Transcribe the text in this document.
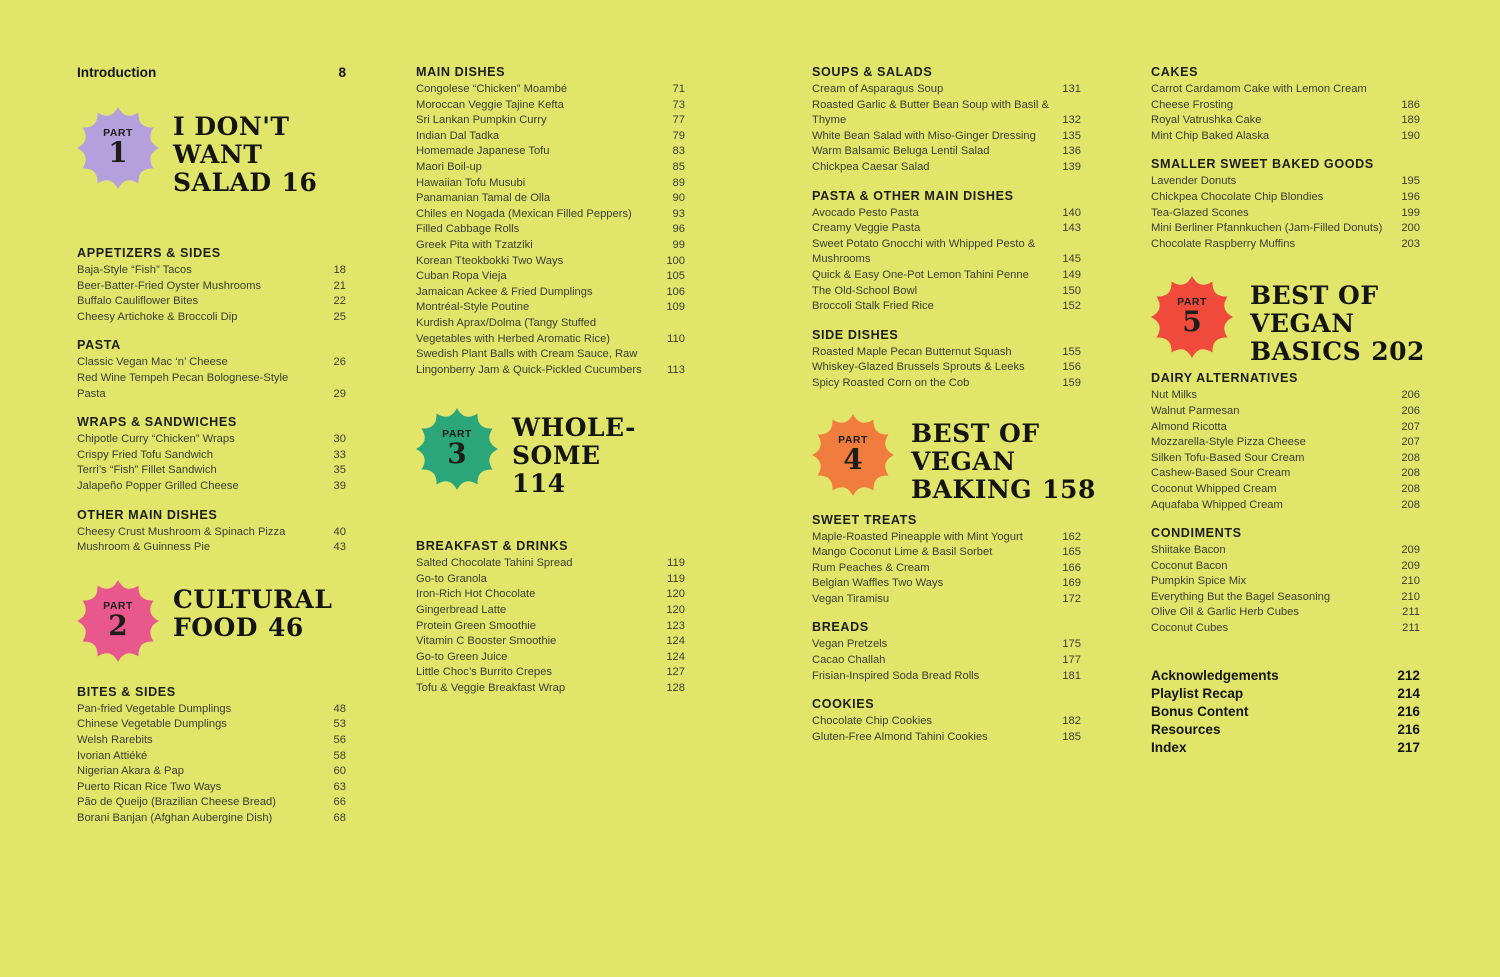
Introduction	8
PART
1
I DON'T
WANT
SALAD 16
APPETIZERS & SIDES
Baja-Style “Fish” Tacos	18
Beer-Batter-Fried Oyster Mushrooms	21
Buffalo Cauliflower Bites	22
Cheesy Artichoke & Broccoli Dip	25
PASTA
Classic Vegan Mac ‘n’ Cheese	26
Red Wine Tempeh Pecan Bolognese-Style Pasta	29
WRAPS & SANDWICHES
Chipotle Curry “Chicken” Wraps	30
Crispy Fried Tofu Sandwich	33
Terri’s “Fish” Fillet Sandwich	35
Jalapeño Popper Grilled Cheese	39
OTHER MAIN DISHES
Cheesy Crust Mushroom & Spinach Pizza	40
Mushroom & Guinness Pie	43
PART
2
CULTURAL
FOOD 46
BITES & SIDES
Pan-fried Vegetable Dumplings	48
Chinese Vegetable Dumplings	53
Welsh Rarebits	56
Ivorian Attiéké	58
Nigerian Akara & Pap	60
Puerto Rican Rice Two Ways	63
Pão de Queijo (Brazilian Cheese Bread)	66
Borani Banjan (Afghan Aubergine Dish)	68
MAIN DISHES
Congolese “Chicken” Moambé	71
Moroccan Veggie Tajine Kefta	73
Sri Lankan Pumpkin Curry	77
Indian Dal Tadka	79
Homemade Japanese Tofu	83
Maori Boil-up	85
Hawaiian Tofu Musubi	89
Panamanian Tamal de Olla	90
Chiles en Nogada (Mexican Filled Peppers)	93
Filled Cabbage Rolls	96
Greek Pita with Tzatziki	99
Korean Tteokbokki Two Ways	100
Cuban Ropa Vieja	105
Jamaican Ackee & Fried Dumplings	106
Montréal-Style Poutine	109
Kurdish Aprax/Dolma (Tangy Stuffed Vegetables with Herbed Aromatic Rice)	110
Swedish Plant Balls with Cream Sauce, Raw Lingonberry Jam & Quick-Pickled Cucumbers	113
PART
3
WHOLE-
SOME
114
BREAKFAST & DRINKS
Salted Chocolate Tahini Spread	119
Go-to Granola	119
Iron-Rich Hot Chocolate	120
Gingerbread Latte	120
Protein Green Smoothie	123
Vitamin C Booster Smoothie	124
Go-to Green Juice	124
Little Choc’s Burrito Crepes	127
Tofu & Veggie Breakfast Wrap	128
SOUPS & SALADS
Cream of Asparagus Soup	131
Roasted Garlic & Butter Bean Soup with Basil & Thyme	132
White Bean Salad with Miso-Ginger Dressing	135
Warm Balsamic Beluga Lentil Salad	136
Chickpea Caesar Salad	139
PASTA & OTHER MAIN DISHES
Avocado Pesto Pasta	140
Creamy Veggie Pasta	143
Sweet Potato Gnocchi with Whipped Pesto & Mushrooms	145
Quick & Easy One-Pot Lemon Tahini Penne	149
The Old-School Bowl	150
Broccoli Stalk Fried Rice	152
SIDE DISHES
Roasted Maple Pecan Butternut Squash	155
Whiskey-Glazed Brussels Sprouts & Leeks	156
Spicy Roasted Corn on the Cob	159
PART
4
BEST OF
VEGAN
BAKING 158
SWEET TREATS
Maple-Roasted Pineapple with Mint Yogurt	162
Mango Coconut Lime & Basil Sorbet	165
Rum Peaches & Cream	166
Belgian Waffles Two Ways	169
Vegan Tiramisu	172
BREADS
Vegan Pretzels	175
Cacao Challah	177
Frisian-Inspired Soda Bread Rolls	181
COOKIES
Chocolate Chip Cookies	182
Gluten-Free Almond Tahini Cookies	185
CAKES
Carrot Cardamom Cake with Lemon Cream Cheese Frosting	186
Royal Vatrushka Cake	189
Mint Chip Baked Alaska	190
SMALLER SWEET BAKED GOODS
Lavender Donuts	195
Chickpea Chocolate Chip Blondies	196
Tea-Glazed Scones	199
Mini Berliner Pfannkuchen (Jam-Filled Donuts)	200
Chocolate Raspberry Muffins	203
PART
5
BEST OF
VEGAN
BASICS 202
DAIRY ALTERNATIVES
Nut Milks	206
Walnut Parmesan	206
Almond Ricotta	207
Mozzarella-Style Pizza Cheese	207
Silken Tofu-Based Sour Cream	208
Cashew-Based Sour Cream	208
Coconut Whipped Cream	208
Aquafaba Whipped Cream	208
CONDIMENTS
Shiitake Bacon	209
Coconut Bacon	209
Pumpkin Spice Mix	210
Everything But the Bagel Seasoning	210
Olive Oil & Garlic Herb Cubes	211
Coconut Cubes	211
Acknowledgements	212
Playlist Recap	214
Bonus Content	216
Resources	216
Index	217
